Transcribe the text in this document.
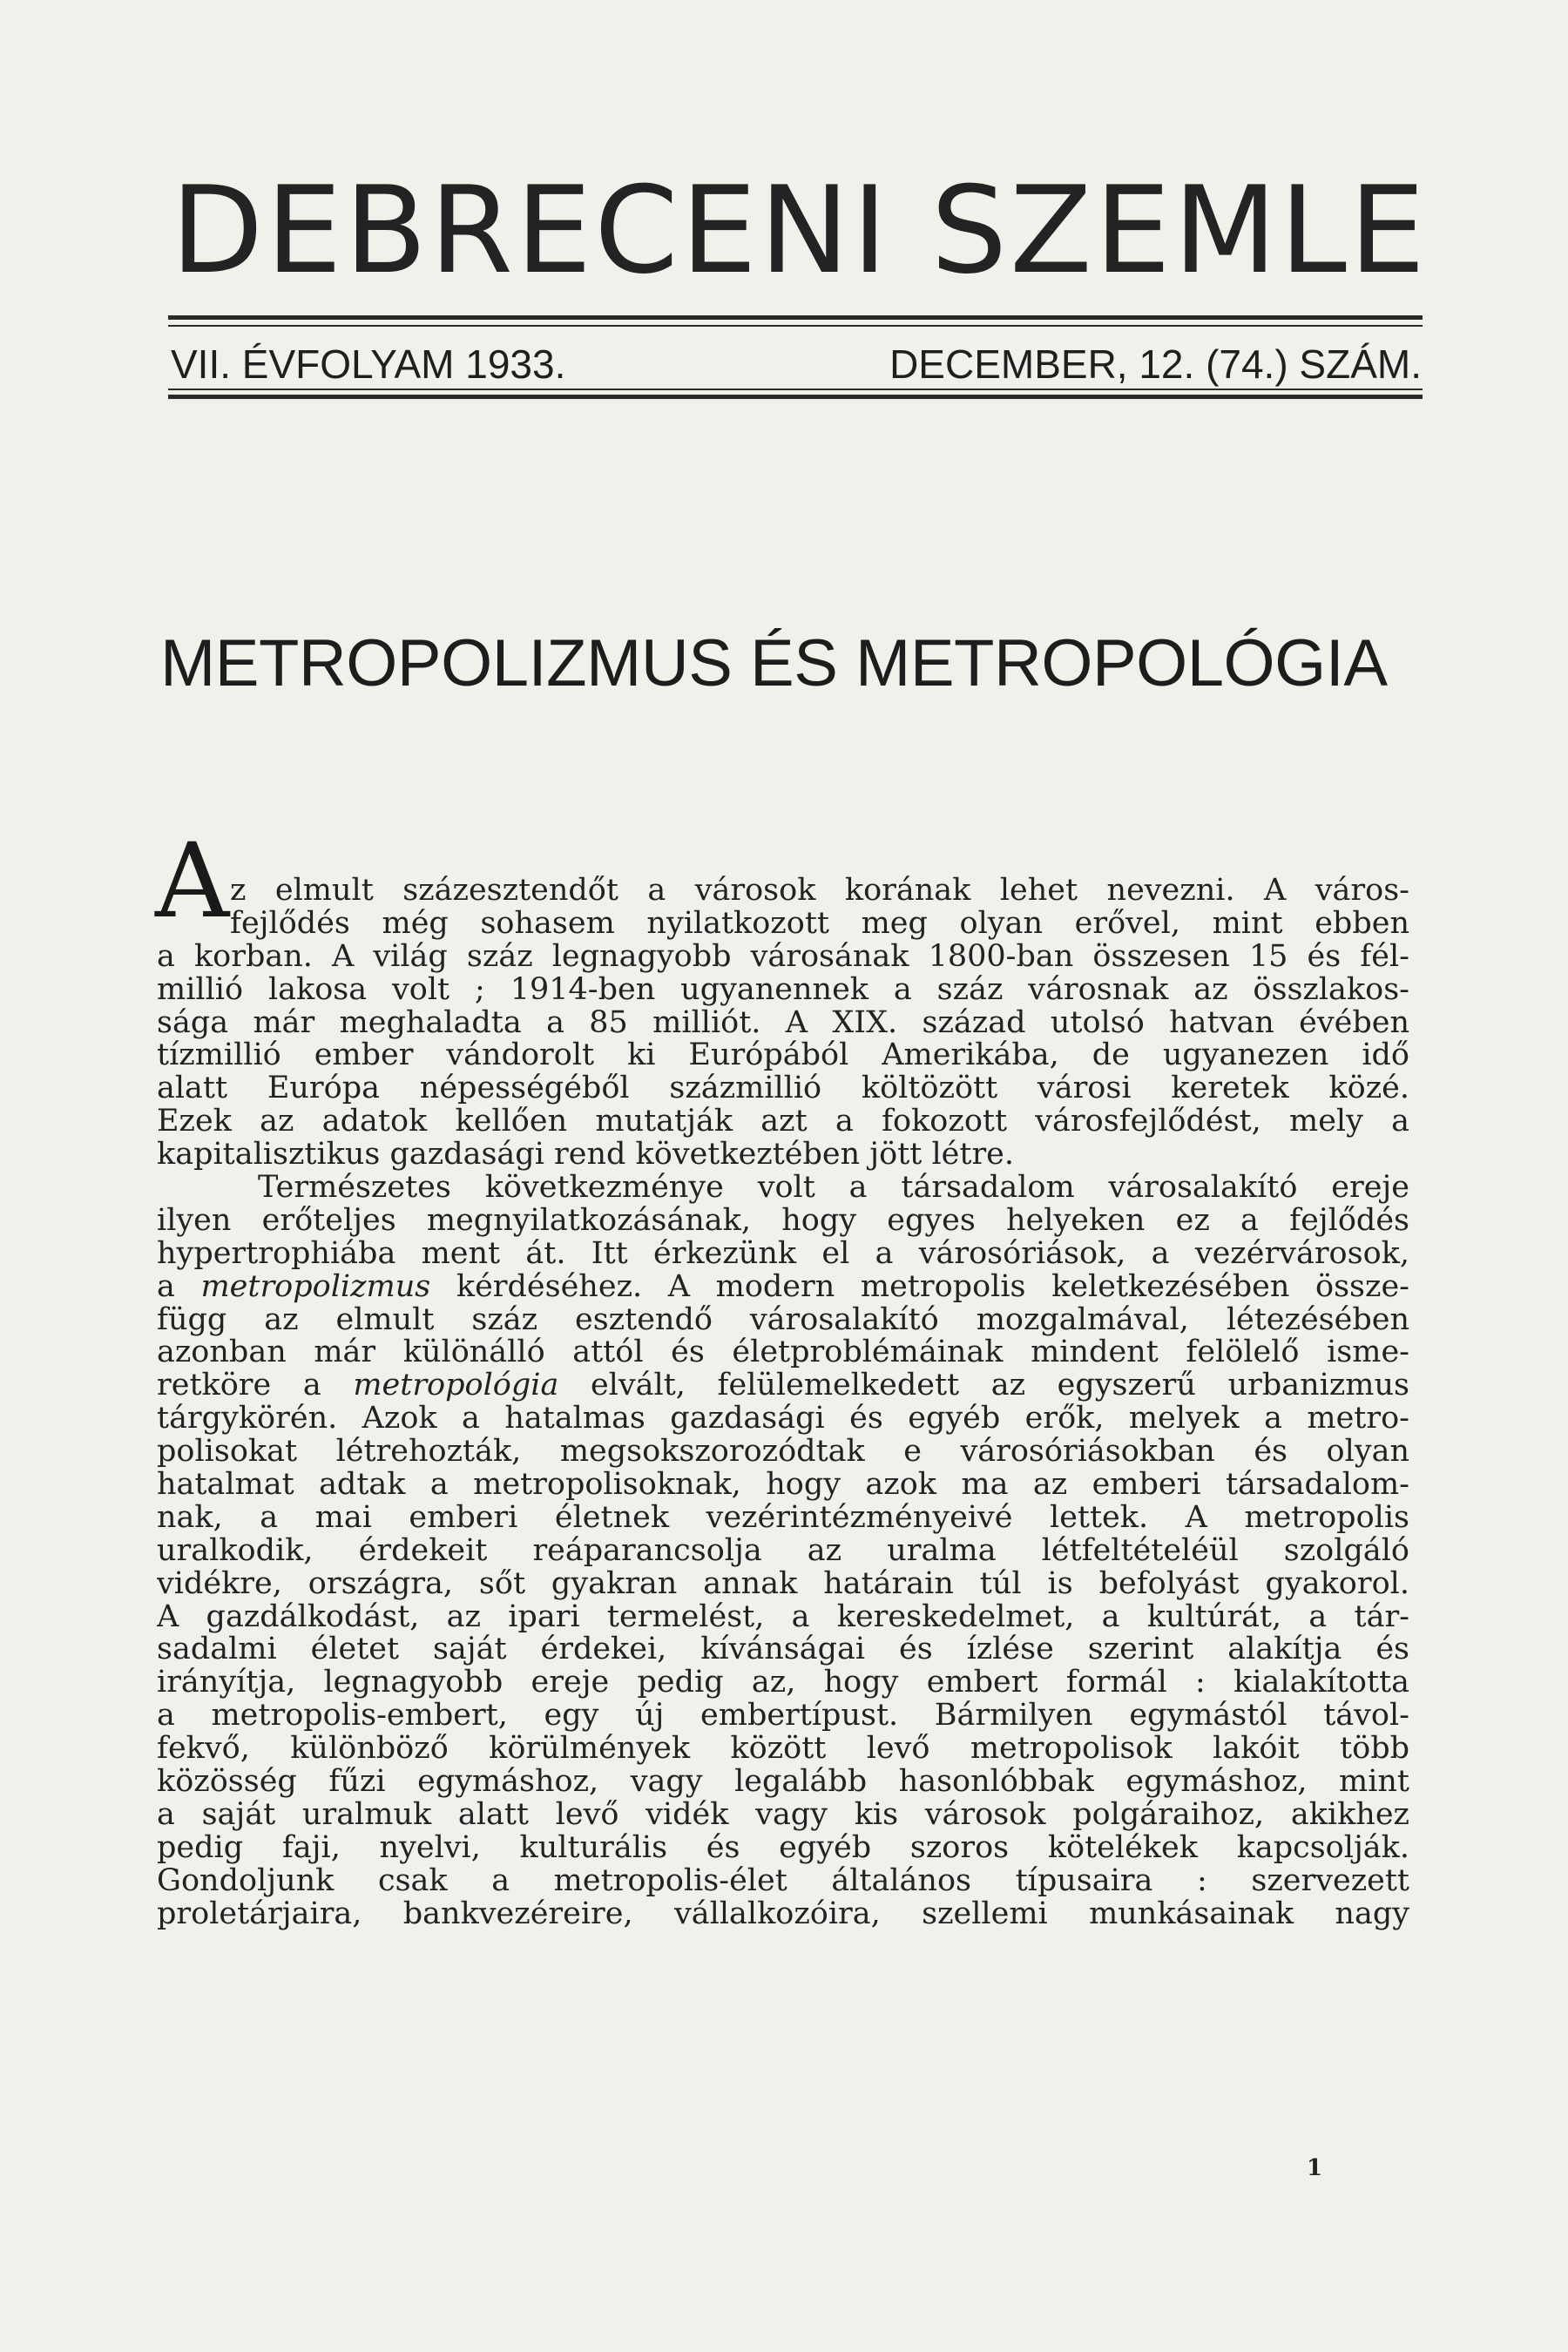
DEBRECENI SZEMLE
VII. ÉVFOLYAM 1933.	DECEMBER, 12. (74.) SZÁM.
METROPOLIZMUS ÉS METROPOLÓGIA
A z elmult százesztendőt a városok korának lehet nevezni. A város-
fejlődés még sohasem nyilatkozott meg olyan erővel, mint ebben
a korban. A világ száz legnagyobb városának 1800-ban összesen 15 és fél-
millió lakosa volt ; 1914-ben ugyanennek a száz városnak az összlakos-
sága már meghaladta a 85 milliót. A XIX. század utolsó hatvan évében
tízmillió ember vándorolt ki Európából Amerikába, de ugyanezen idő
alatt Európa népességéből százmillió költözött városi keretek közé.
Ezek az adatok kellően mutatják azt a fokozott városfejlődést, mely a
kapitalisztikus gazdasági rend következtében jött létre.
Természetes következménye volt a társadalom városalakító ereje
ilyen erőteljes megnyilatkozásának, hogy egyes helyeken ez a fejlődés
hypertrophiába ment át. Itt érkezünk el a városóriások, a vezérvárosok,
a metropolizmus kérdéséhez. A modern metropolis keletkezésében össze-
függ az elmult száz esztendő városalakító mozgalmával, létezésében
azonban már különálló attól és életproblémáinak mindent felölelő isme-
retköre a metropológia elvált, felülemelkedett az egyszerű urbanizmus
tárgykörén. Azok a hatalmas gazdasági és egyéb erők, melyek a metro-
polisokat létrehozták, megsokszorozódtak e városóriásokban és olyan
hatalmat adtak a metropolisoknak, hogy azok ma az emberi társadalom-
nak, a mai emberi életnek vezérintézményeivé lettek. A metropolis
uralkodik, érdekeit reáparancsolja az uralma létfeltételéül szolgáló
vidékre, országra, sőt gyakran annak határain túl is befolyást gyakorol.
A gazdálkodást, az ipari termelést, a kereskedelmet, a kultúrát, a tár-
sadalmi életet saját érdekei, kívánságai és ízlése szerint alakítja és
irányítja, legnagyobb ereje pedig az, hogy embert formál : kialakította
a metropolis-embert, egy új embertípust. Bármilyen egymástól távol-
fekvő, különböző körülmények között levő metropolisok lakóit több
közösség fűzi egymáshoz, vagy legalább hasonlóbbak egymáshoz, mint
a saját uralmuk alatt levő vidék vagy kis városok polgáraihoz, akikhez
pedig faji, nyelvi, kulturális és egyéb szoros kötelékek kapcsolják.
Gondoljunk csak a metropolis-élet általános típusaira : szervezett
proletárjaira, bankvezéreire, vállalkozóira, szellemi munkásainak nagy
1
